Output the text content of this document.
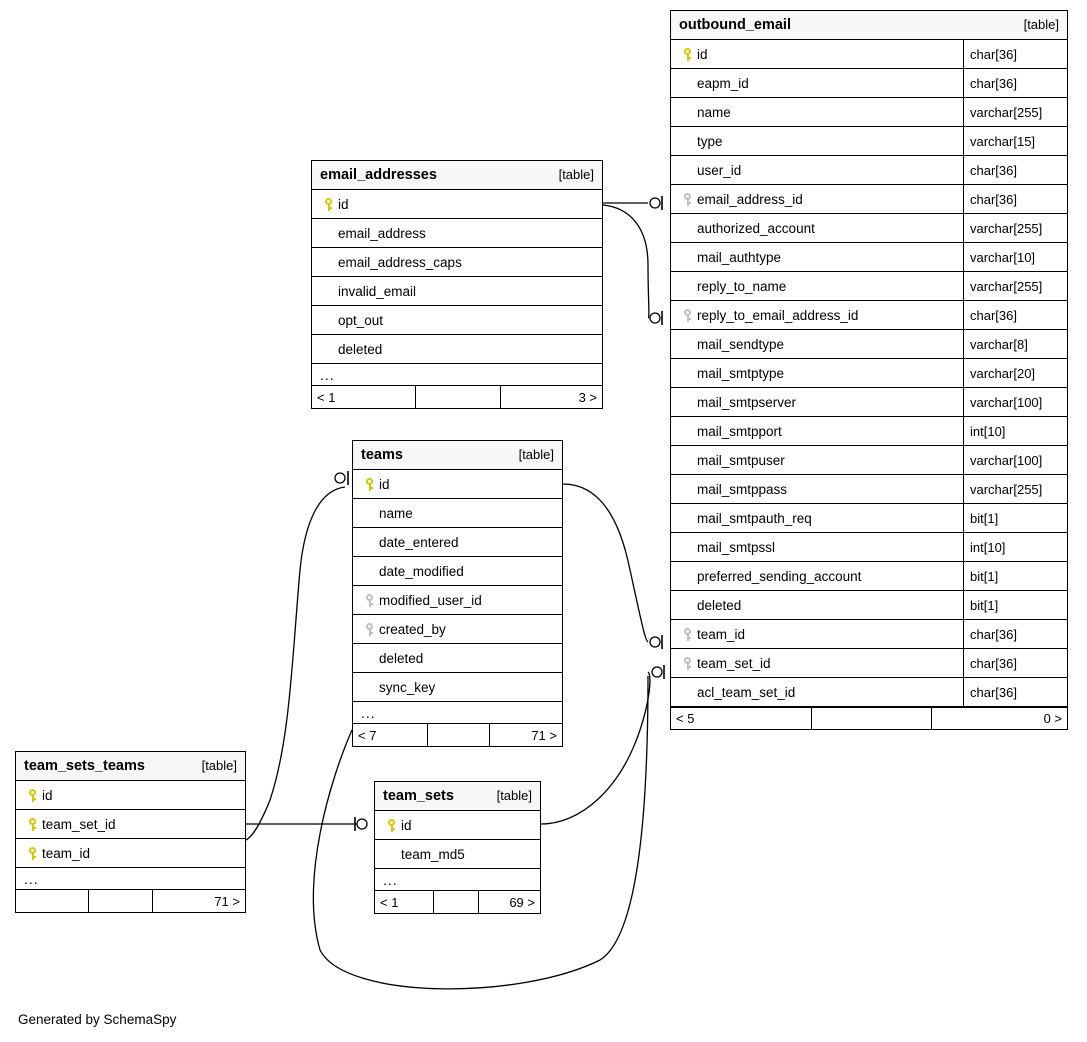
outbound_email	[table]
id	char[36]
eapm_id	char[36]
name	varchar[255]
type	varchar[15]
user_id	char[36]
email_address_id	char[36]
authorized_account	varchar[255]
mail_authtype	varchar[10]
reply_to_name	varchar[255]
reply_to_email_address_id	char[36]
mail_sendtype	varchar[8]
mail_smtptype	varchar[20]
mail_smtpserver	varchar[100]
mail_smtpport	int[10]
mail_smtpuser	varchar[100]
mail_smtppass	varchar[255]
mail_smtpauth_req	bit[1]
mail_smtpssl	int[10]
preferred_sending_account	bit[1]
deleted	bit[1]
team_id	char[36]
team_set_id	char[36]
acl_team_set_id	char[36]
< 5	0 >
email_addresses	[table]
id
email_address
email_address_caps
invalid_email
opt_out
deleted
...
< 1	3 >
teams	[table]
id
name
date_entered
date_modified
modified_user_id
created_by
deleted
sync_key
...
< 7	71 >
team_sets_teams	[table]
id
team_set_id
team_id
...
71 >
team_sets	[table]
id
team_md5
...
< 1	69 >
Generated by SchemaSpy
